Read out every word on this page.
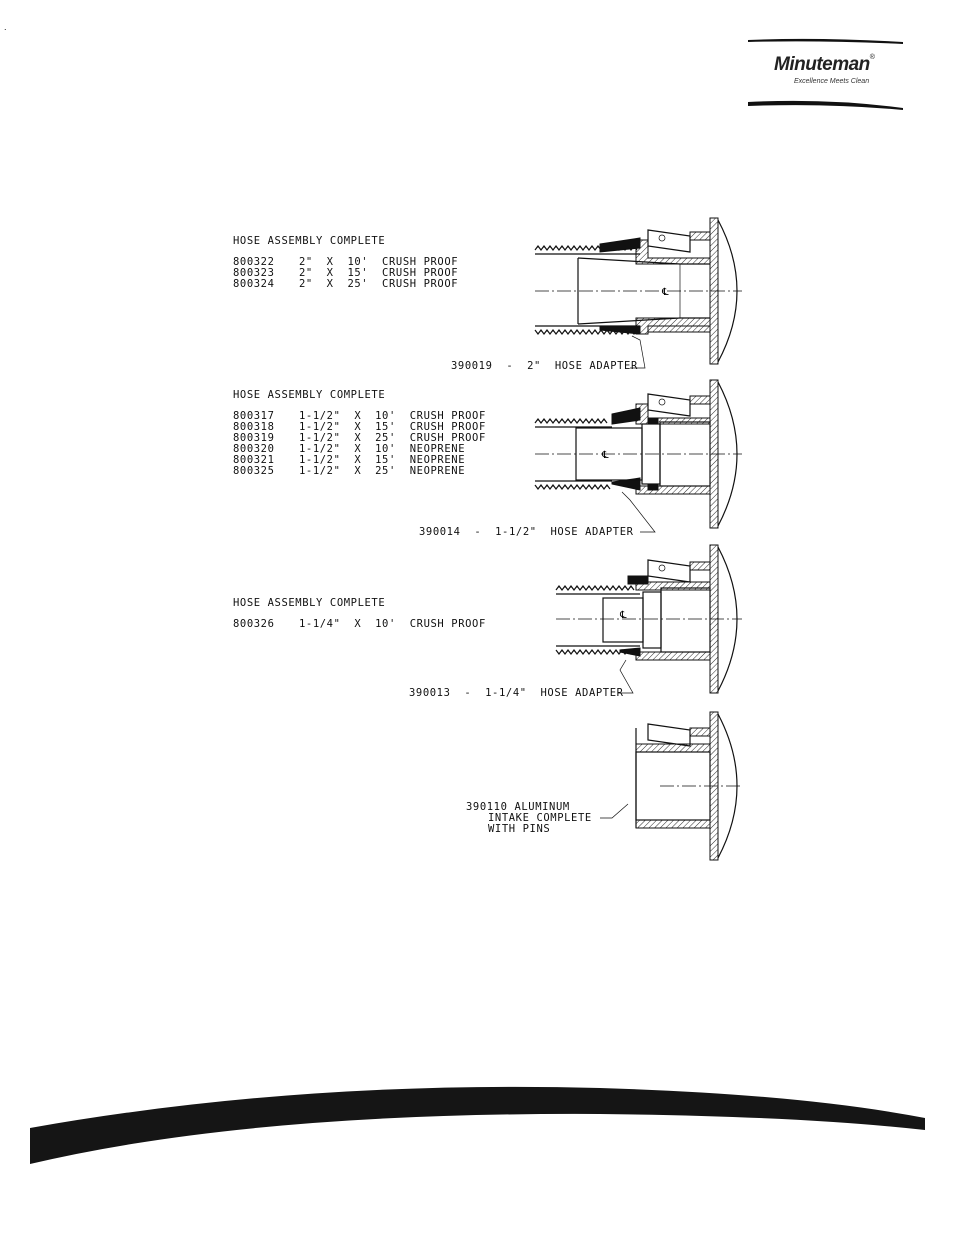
.
Minuteman®
Excellence Meets Clean
HOSE ASSEMBLY COMPLETE
800322 2"  X  10'  CRUSH PROOF
800323 2"  X  15'  CRUSH PROOF
800324 2"  X  25'  CRUSH PROOF
390019  -  2"  HOSE ADAPTER
HOSE ASSEMBLY COMPLETE
800317 1-1/2"  X  10'  CRUSH PROOF
800318 1-1/2"  X  15'  CRUSH PROOF
800319 1-1/2"  X  25'  CRUSH PROOF
800320 1-1/2"  X  10'  NEOPRENE
800321 1-1/2"  X  15'  NEOPRENE
800325 1-1/2"  X  25'  NEOPRENE
390014  -  1-1/2"  HOSE ADAPTER
HOSE ASSEMBLY COMPLETE
800326 1-1/4"  X  10'  CRUSH PROOF
390013  -  1-1/4"  HOSE ADAPTER
390110 ALUMINUM
INTAKE COMPLETE
WITH PINS
℄
℄
℄
